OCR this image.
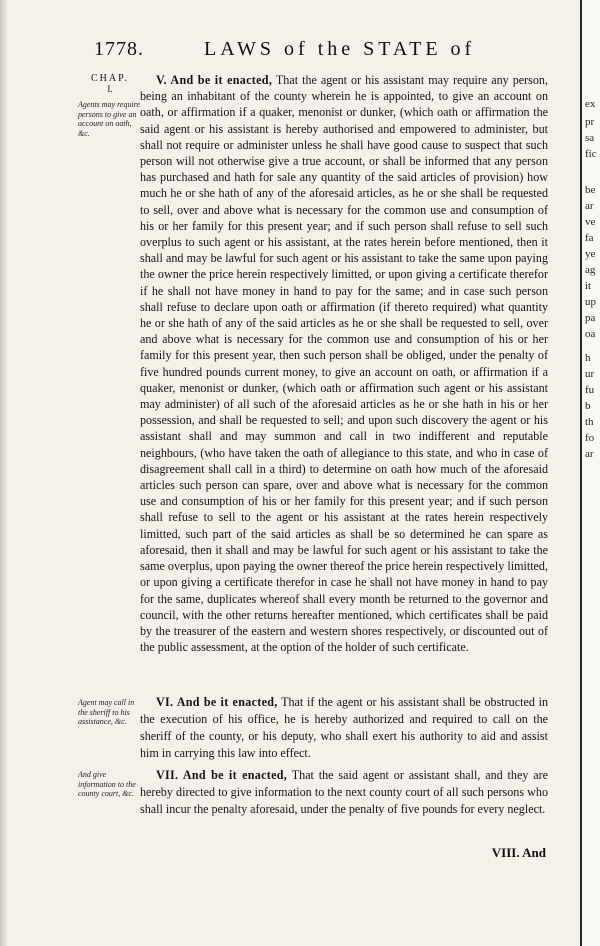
1778.	LAWS of the STATE of
CHAP.
I.
Agents may require persons to give an account on oath, &c.
Agent may call in the sheriff to his assistance, &c.
And give information to the county court, &c.

V. And be it enacted, That the agent or his assistant may require any person, being an inhabitant of the county wherein he is appointed, to give an account on oath, or affirmation if a quaker, menonist or dunker, (which oath or affirmation the said agent or his assistant is hereby authorised and empowered to administer, but shall not require or administer unless he shall have good cause to suspect that such person will not otherwise give a true account, or shall be informed that any person has purchased and hath for sale any quantity of the said articles of provision) how much he or she hath of any of the aforesaid articles, as he or she shall be requested to sell, over and above what is necessary for the common use and consumption of his or her family for this present year; and if such person shall refuse to sell such overplus to such agent or his assistant, at the rates herein before mentioned, then it shall and may be lawful for such agent or his assistant to take the same upon paying the owner the price herein respectively limitted, or upon giving a certificate therefor if he shall not have money in hand to pay for the same; and in case such person shall refuse to declare upon oath or affirmation (if thereto required) what quantity he or she hath of any of the said articles as he or she shall be requested to sell, over and above what is necessary for the common use and consumption of his or her family for this present year, then such person shall be obliged, under the penalty of five hundred pounds current money, to give an account on oath, or affirmation if a quaker, menonist or dunker, (which oath or affirmation such agent or his assistant may administer) of all such of the aforesaid articles as he or she hath in his or her possession, and shall be requested to sell; and upon such discovery the agent or his assistant shall and may summon and call in two indifferent and reputable neighbours, (who have taken the oath of allegiance to this state, and who in case of disagreement shall call in a third) to determine on oath how much of the aforesaid articles such person can spare, over and above what is necessary for the common use and consumption of his or her family for this present year; and if such person shall refuse to sell to the agent or his assistant at the rates herein respectively limitted, such part of the said articles as shall be so determined he can spare as aforesaid, then it shall and may be lawful for such agent or his assistant to take the same overplus, upon paying the owner thereof the price herein respectively limitted, or upon giving a certificate therefor in case he shall not have money in hand to pay for the same, duplicates whereof shall every month be returned to the governor and council, with the other returns hereafter mentioned, which certificates shall be paid by the treasurer of the eastern and western shores respectively, or discounted out of the public assessment, at the option of the holder of such certificate.

VI. And be it enacted, That if the agent or his assistant shall be obstructed in the execution of his office, he is hereby authorized and required to call on the sheriff of the county, or his deputy, who shall exert his authority to aid and assist him in carrying this law into effect.

VII. And be it enacted, That the said agent or assistant shall, and they are hereby directed to give information to the next county court of all such persons who shall incur the penalty aforesaid, under the penalty of five pounds for every neglect.

VIII. And
ex
pr
sa
fic
be
ar
ve
fa
ye
ag
it
up
pa
oa
h
ur
fu
b
th
fo
ar
